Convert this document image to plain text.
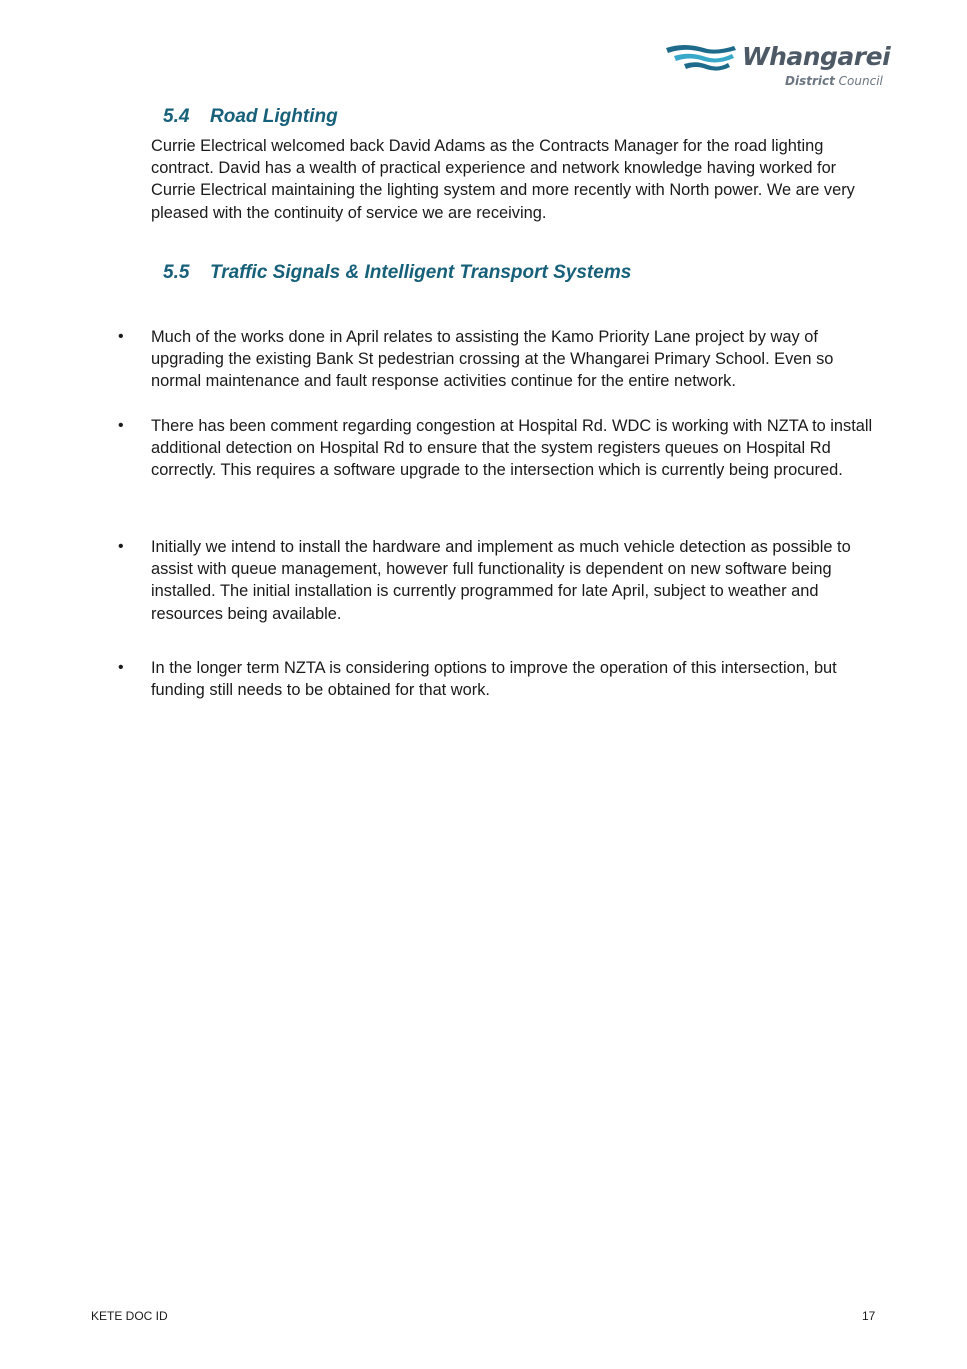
Whangarei
District Council
5.4 Road Lighting

Currie Electrical welcomed back David Adams as the Contracts Manager for the road lighting contract. David has a wealth of practical experience and network knowledge having worked for Currie Electrical maintaining the lighting system and more recently with North power. We are very pleased with the continuity of service we are receiving.

5.5 Traffic Signals & Intelligent Transport Systems
• Much of the works done in April relates to assisting the Kamo Priority Lane project by way of upgrading the existing Bank St pedestrian crossing at the Whangarei Primary School. Even so normal maintenance and fault response activities continue for the entire network.

• There has been comment regarding congestion at Hospital Rd. WDC is working with NZTA to install additional detection on Hospital Rd to ensure that the system registers queues on Hospital Rd correctly. This requires a software upgrade to the intersection which is currently being procured.

• Initially we intend to install the hardware and implement as much vehicle detection as possible to assist with queue management, however full functionality is dependent on new software being installed. The initial installation is currently programmed for late April, subject to weather and resources being available.

• In the longer term NZTA is considering options to improve the operation of this intersection, but funding still needs to be obtained for that work.

KETE DOC ID	17
